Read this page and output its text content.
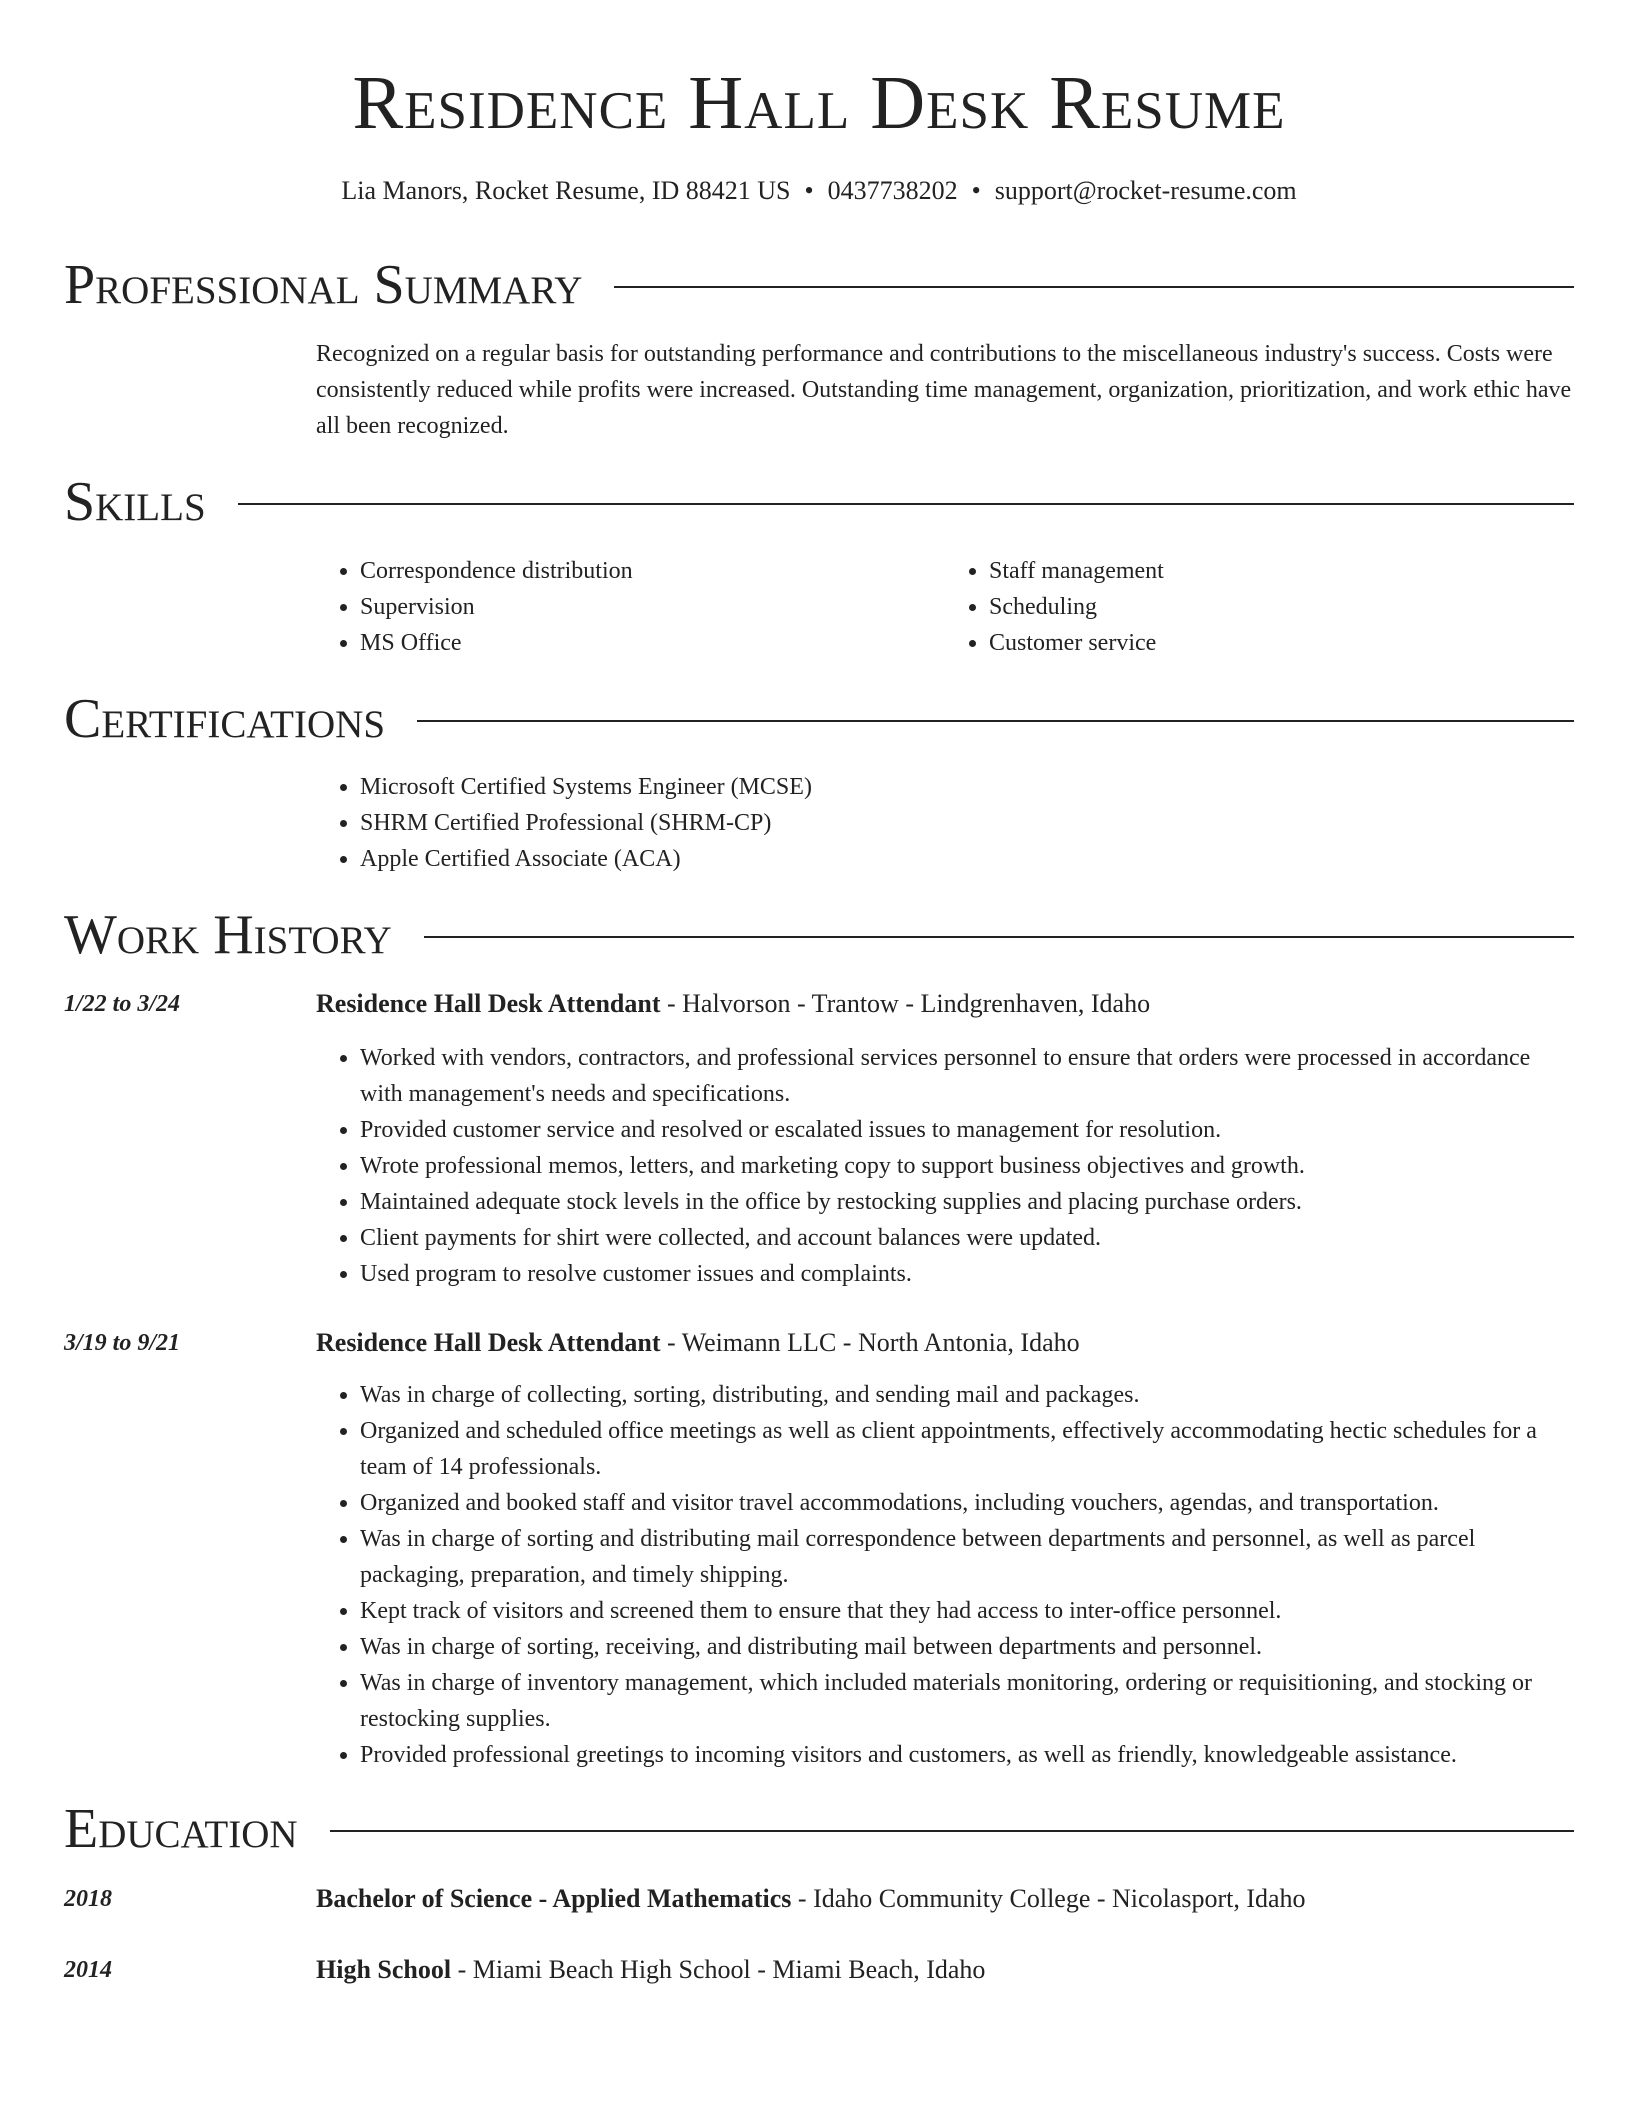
Residence Hall Desk Resume
Lia Manors, Rocket Resume, ID 88421 US • 0437738202 • support@rocket-resume.com
Professional Summary

Recognized on a regular basis for outstanding performance and contributions to the miscellaneous industry's success. Costs were consistently reduced while profits were increased. Outstanding time management, organization, prioritization, and work ethic have all been recognized.

Skills
• Correspondence distribution
• Supervision
• MS Office
• Staff management
• Scheduling
• Customer service
Certifications
• Microsoft Certified Systems Engineer (MCSE)
• SHRM Certified Professional (SHRM-CP)
• Apple Certified Associate (ACA)
Work History
1/22 to 3/24	Residence Hall Desk Attendant - Halvorson - Trantow - Lindgrenhaven, Idaho
• Worked with vendors, contractors, and professional services personnel to ensure that orders were processed in accordance with management's needs and specifications.
• Provided customer service and resolved or escalated issues to management for resolution.
• Wrote professional memos, letters, and marketing copy to support business objectives and growth.
• Maintained adequate stock levels in the office by restocking supplies and placing purchase orders.
• Client payments for shirt were collected, and account balances were updated.
• Used program to resolve customer issues and complaints.
3/19 to 9/21	Residence Hall Desk Attendant - Weimann LLC - North Antonia, Idaho
• Was in charge of collecting, sorting, distributing, and sending mail and packages.
• Organized and scheduled office meetings as well as client appointments, effectively accommodating hectic schedules for a team of 14 professionals.
• Organized and booked staff and visitor travel accommodations, including vouchers, agendas, and transportation.
• Was in charge of sorting and distributing mail correspondence between departments and personnel, as well as parcel packaging, preparation, and timely shipping.
• Kept track of visitors and screened them to ensure that they had access to inter-office personnel.
• Was in charge of sorting, receiving, and distributing mail between departments and personnel.
• Was in charge of inventory management, which included materials monitoring, ordering or requisitioning, and stocking or restocking supplies.
• Provided professional greetings to incoming visitors and customers, as well as friendly, knowledgeable assistance.
Education
2018	Bachelor of Science - Applied Mathematics - Idaho Community College - Nicolasport, Idaho
2014	High School - Miami Beach High School - Miami Beach, Idaho
